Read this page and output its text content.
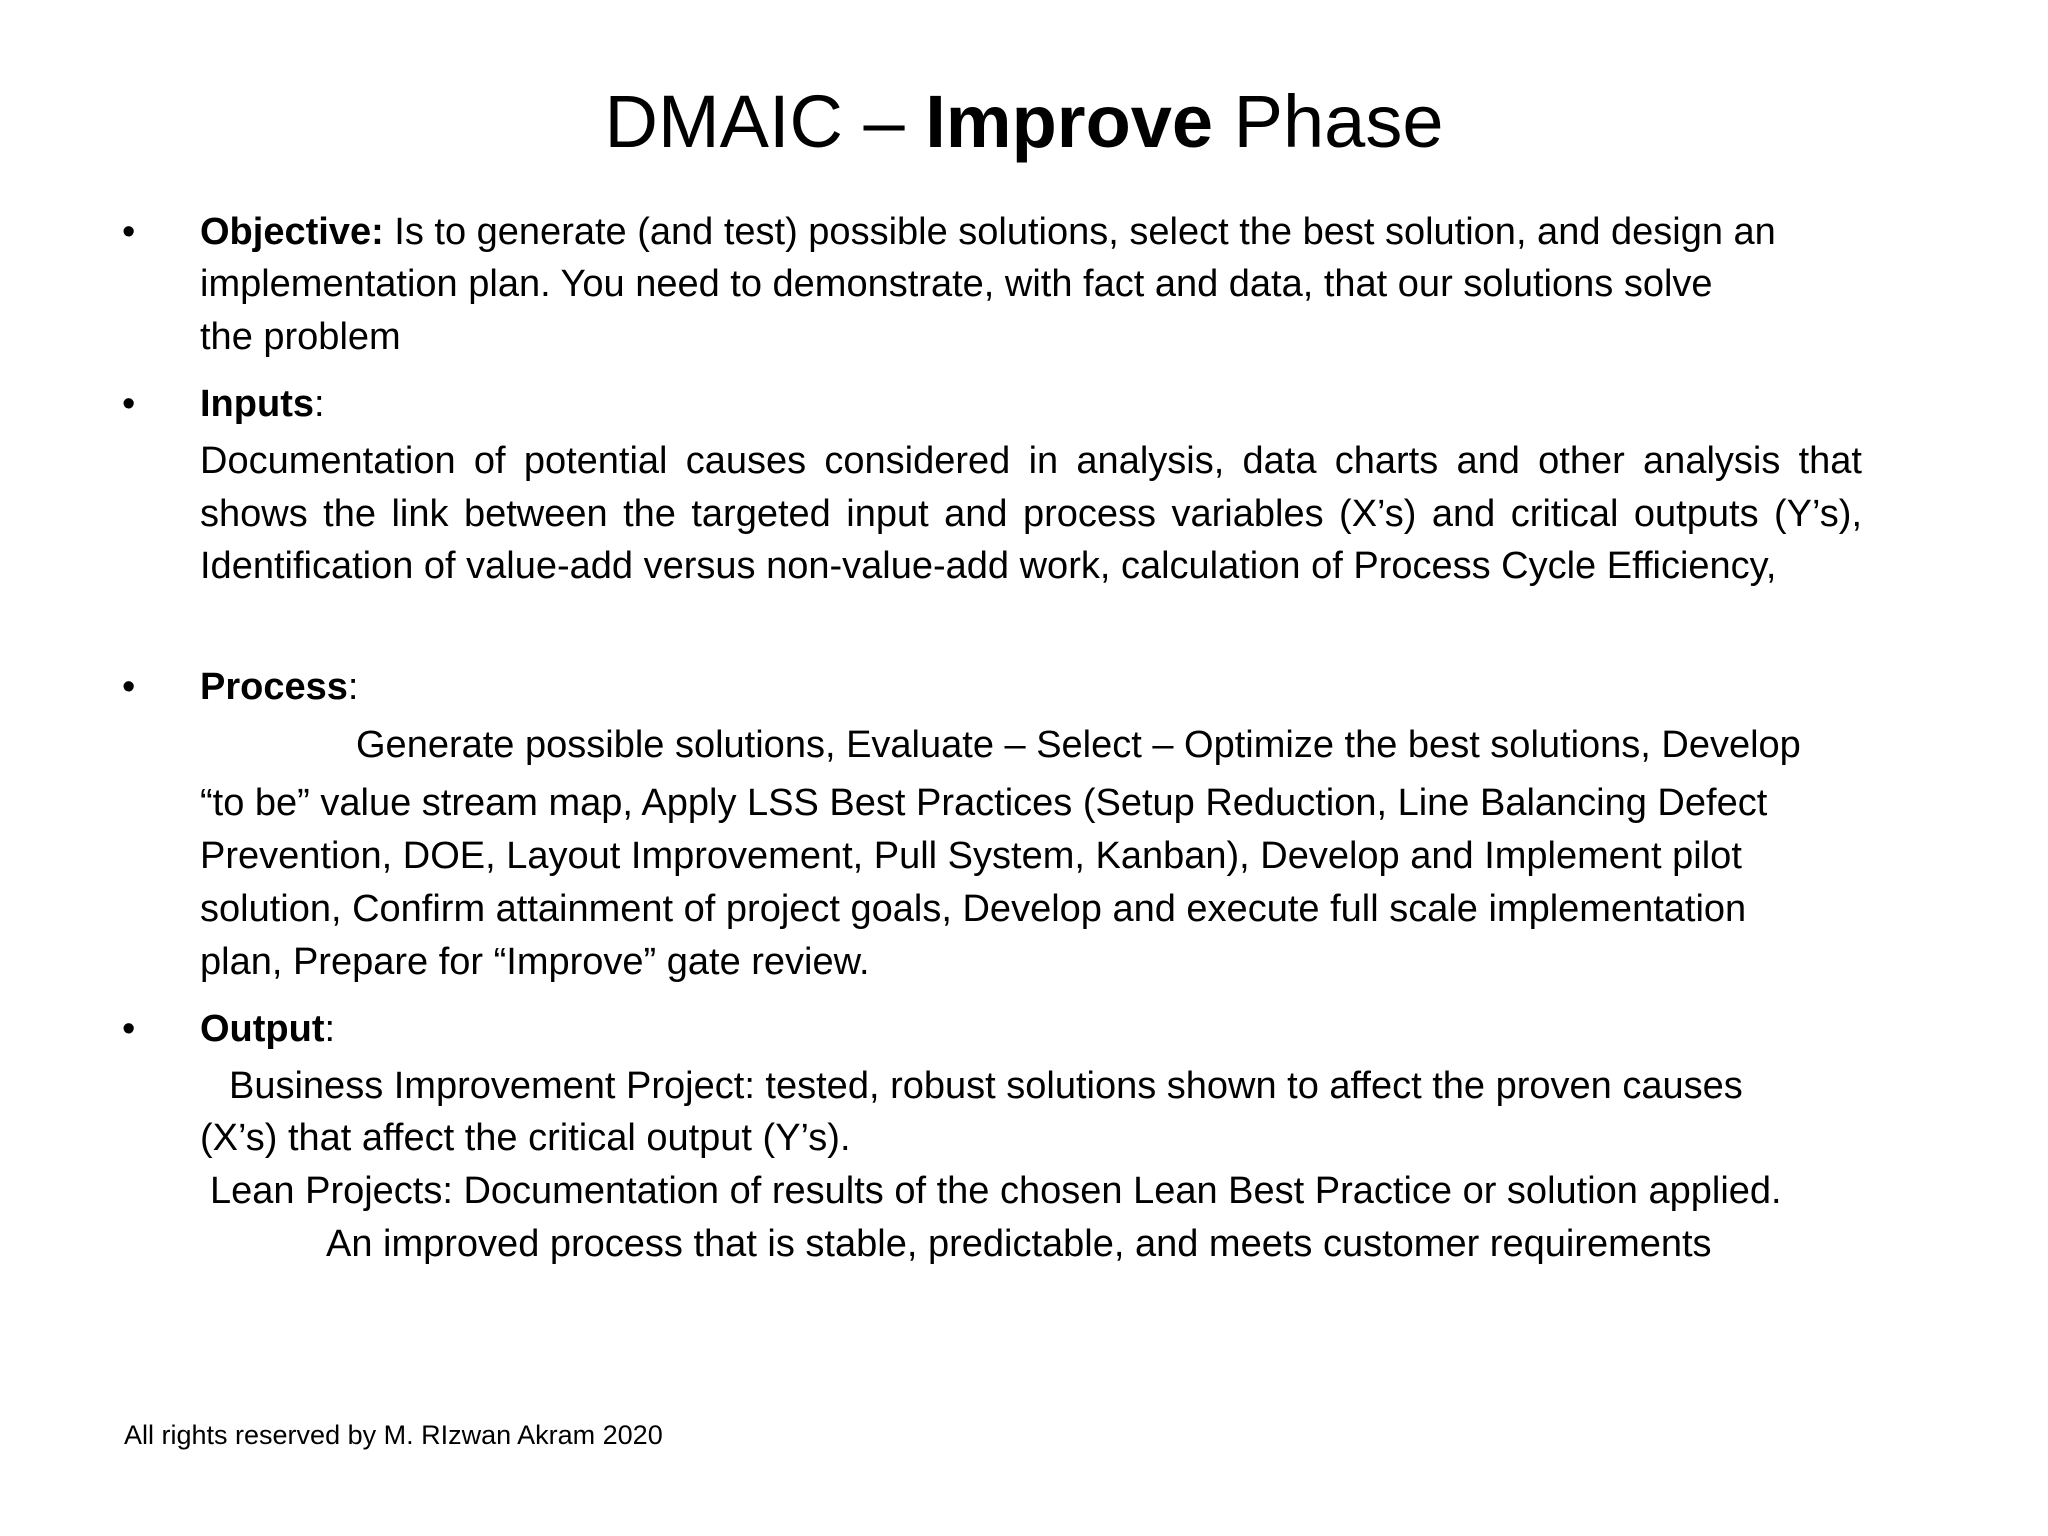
DMAIC – Improve Phase
• Objective: Is to generate (and test) possible solutions, select the best solution, and design an
implementation plan. You need to demonstrate, with fact and data, that our solutions solve
the problem
• Inputs:
Documentation of potential causes considered in analysis, data charts and other analysis that shows the link between the targeted input and process variables (X’s) and critical outputs (Y’s), Identification of value-add versus non-value-add work, calculation of Process Cycle Efficiency,
• Process:
Generate possible solutions, Evaluate – Select – Optimize the best solutions, Develop
“to be” value stream map, Apply LSS Best Practices (Setup Reduction, Line Balancing Defect
Prevention, DOE, Layout Improvement, Pull System, Kanban), Develop and Implement pilot
solution, Confirm attainment of project goals, Develop and execute full scale implementation
plan, Prepare for “Improve” gate review.
• Output:
Business Improvement Project: tested, robust solutions shown to affect the proven causes
(X’s) that affect the critical output (Y’s).
Lean Projects: Documentation of results of the chosen Lean Best Practice or solution applied.
An improved process that is stable, predictable, and meets customer requirements
All rights reserved by M. RIzwan Akram 2020
